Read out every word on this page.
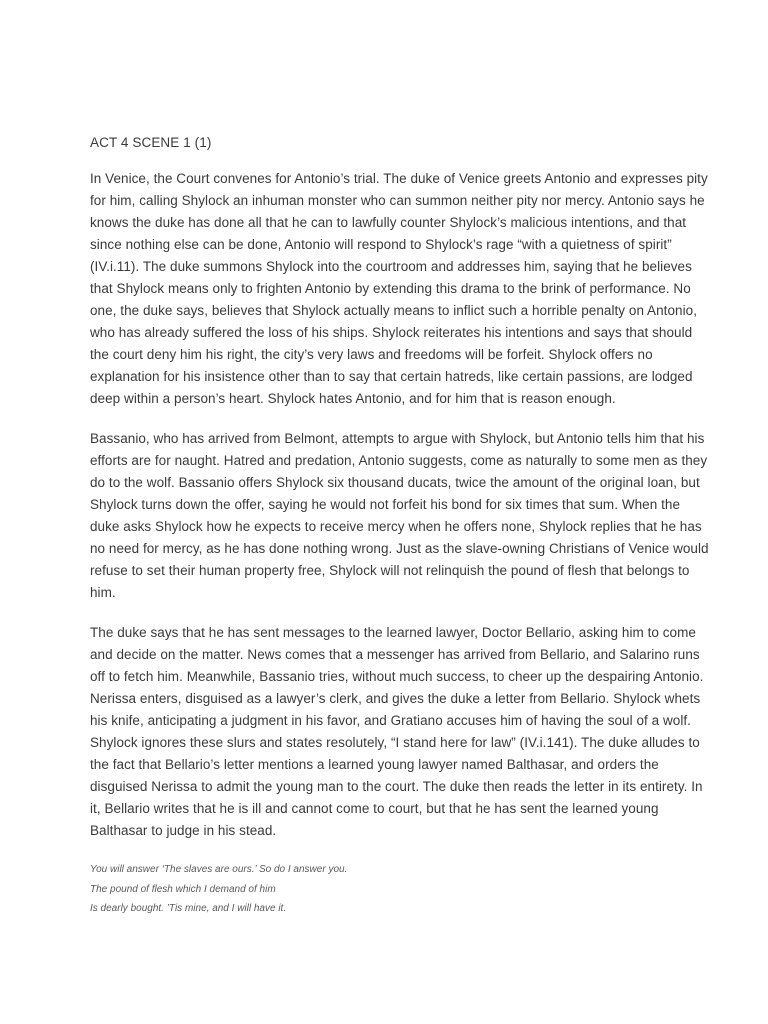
ACT 4 SCENE 1 (1)

In Venice, the Court convenes for Antonio’s trial. The duke of Venice greets Antonio and expresses pity for him, calling Shylock an inhuman monster who can summon neither pity nor mercy. Antonio says he knows the duke has done all that he can to lawfully counter Shylock’s malicious intentions, and that since nothing else can be done, Antonio will respond to Shylock’s rage “with a quietness of spirit” (IV.i.11). The duke summons Shylock into the courtroom and addresses him, saying that he believes that Shylock means only to frighten Antonio by extending this drama to the brink of performance. No one, the duke says, believes that Shylock actually means to inflict such a horrible penalty on Antonio, who has already suffered the loss of his ships. Shylock reiterates his intentions and says that should the court deny him his right, the city’s very laws and freedoms will be forfeit. Shylock offers no explanation for his insistence other than to say that certain hatreds, like certain passions, are lodged deep within a person’s heart. Shylock hates Antonio, and for him that is reason enough.

Bassanio, who has arrived from Belmont, attempts to argue with Shylock, but Antonio tells him that his efforts are for naught. Hatred and predation, Antonio suggests, come as naturally to some men as they do to the wolf. Bassanio offers Shylock six thousand ducats, twice the amount of the original loan, but Shylock turns down the offer, saying he would not forfeit his bond for six times that sum. When the duke asks Shylock how he expects to receive mercy when he offers none, Shylock replies that he has no need for mercy, as he has done nothing wrong. Just as the slave-owning Christians of Venice would refuse to set their human property free, Shylock will not relinquish the pound of flesh that belongs to him.

The duke says that he has sent messages to the learned lawyer, Doctor Bellario, asking him to come and decide on the matter. News comes that a messenger has arrived from Bellario, and Salarino runs off to fetch him. Meanwhile, Bassanio tries, without much success, to cheer up the despairing Antonio. Nerissa enters, disguised as a lawyer’s clerk, and gives the duke a letter from Bellario. Shylock whets his knife, anticipating a judgment in his favor, and Gratiano accuses him of having the soul of a wolf. Shylock ignores these slurs and states resolutely, “I stand here for law” (IV.i.141). The duke alludes to the fact that Bellario’s letter mentions a learned young lawyer named Balthasar, and orders the disguised Nerissa to admit the young man to the court. The duke then reads the letter in its entirety. In it, Bellario writes that he is ill and cannot come to court, but that he has sent the learned young Balthasar to judge in his stead.

You will answer ‘The slaves are ours.’ So do I answer you.
The pound of flesh which I demand of him
Is dearly bought. ’Tis mine, and I will have it.
